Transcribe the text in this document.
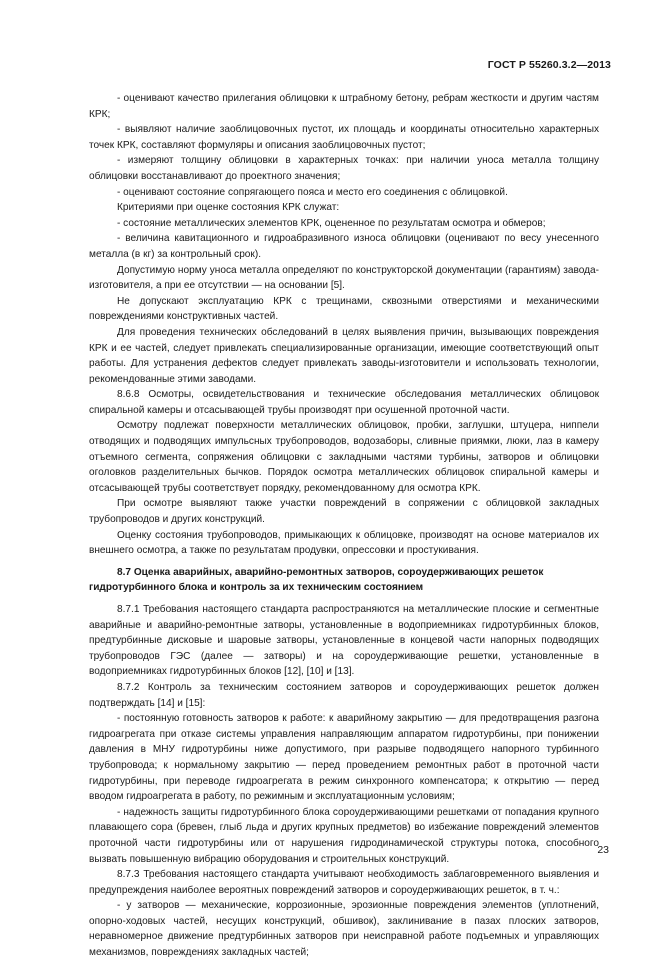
ГОСТ Р 55260.3.2—2013

- оценивают качество прилегания облицовки к штрабному бетону, ребрам жесткости и другим частям КРК;

- выявляют наличие заоблицовочных пустот, их площадь и координаты относительно характерных точек КРК, составляют формуляры и описания заоблицовочных пустот;

- измеряют толщину облицовки в характерных точках: при наличии уноса металла толщину облицовки восстанавливают до проектного значения;

- оценивают состояние сопрягающего пояса и место его соединения с облицовкой.

Критериями при оценке состояния КРК служат:

- состояние металлических элементов КРК, оцененное по результатам осмотра и обмеров;

- величина кавитационного и гидроабразивного износа облицовки (оценивают по весу унесенного металла (в кг) за контрольный срок).

Допустимую норму уноса металла определяют по конструкторской документации (гарантиям) завода-изготовителя, а при ее отсутствии — на основании [5].

Не допускают эксплуатацию КРК с трещинами, сквозными отверстиями и механическими повреждениями конструктивных частей.

Для проведения технических обследований в целях выявления причин, вызывающих повреждения КРК и ее частей, следует привлекать специализированные организации, имеющие соответствующий опыт работы. Для устранения дефектов следует привлекать заводы-изготовители и использовать технологии, рекомендованные этими заводами.

8.6.8 Осмотры, освидетельствования и технические обследования металлических облицовок спиральной камеры и отсасывающей трубы производят при осушенной проточной части.

Осмотру подлежат поверхности металлических облицовок, пробки, заглушки, штуцера, ниппели отводящих и подводящих импульсных трубопроводов, водозаборы, сливные приямки, люки, лаз в камеру отъемного сегмента, сопряжения облицовки с закладными частями турбины, затворов и облицовки оголовков разделительных бычков. Порядок осмотра металлических облицовок спиральной камеры и отсасывающей трубы соответствует порядку, рекомендованному для осмотра КРК.

При осмотре выявляют также участки повреждений в сопряжении с облицовкой закладных трубопроводов и других конструкций.

Оценку состояния трубопроводов, примыкающих к облицовке, производят на основе материалов их внешнего осмотра, а также по результатам продувки, опрессовки и простукивания.

8.7 Оценка аварийных, аварийно-ремонтных затворов, сороудерживающих решеток гидротурбинного блока и контроль за их техническим состоянием

8.7.1 Требования настоящего стандарта распространяются на металлические плоские и сегментные аварийные и аварийно-ремонтные затворы, установленные в водоприемниках гидротурбинных блоков, предтурбинные дисковые и шаровые затворы, установленные в концевой части напорных подводящих трубопроводов ГЭС (далее — затворы) и на сороудерживающие решетки, установленные в водоприемниках гидротурбинных блоков [12], [10] и [13].

8.7.2 Контроль за техническим состоянием затворов и сороудерживающих решеток должен подтверждать [14] и [15]:

- постоянную готовность затворов к работе: к аварийному закрытию — для предотвращения разгона гидроагрегата при отказе системы управления направляющим аппаратом гидротурбины, при понижении давления в МНУ гидротурбины ниже допустимого, при разрыве подводящего напорного турбинного трубопровода; к нормальному закрытию — перед проведением ремонтных работ в проточной части гидротурбины, при переводе гидроагрегата в режим синхронного компенсатора; к открытию — перед вводом гидроагрегата в работу, по режимным и эксплуатационным условиям;

- надежность защиты гидротурбинного блока сороудерживающими решетками от попадания крупного плавающего сора (бревен, глыб льда и других крупных предметов) во избежание повреждений элементов проточной части гидротурбины или от нарушения гидродинамической структуры потока, способного вызвать повышенную вибрацию оборудования и строительных конструкций.

8.7.3 Требования настоящего стандарта учитывают необходимость заблаговременного выявления и предупреждения наиболее вероятных повреждений затворов и сороудерживающих решеток, в т. ч.:

- у затворов — механические, коррозионные, эрозионные повреждения элементов (уплотнений, опорно-ходовых частей, несущих конструкций, обшивок), заклинивание в пазах плоских затворов, неравномерное движение предтурбинных затворов при неисправной работе подъемных и управляющих механизмов, повреждениях закладных частей;

23
